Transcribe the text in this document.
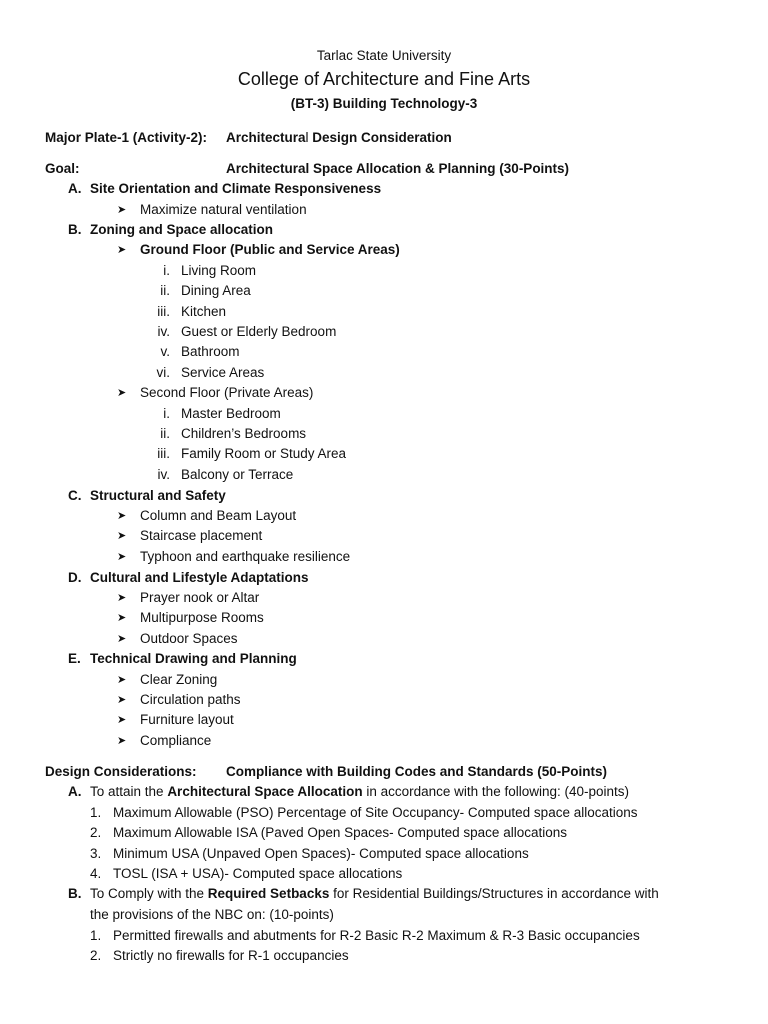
Tarlac State University
College of Architecture and Fine Arts
(BT-3) Building Technology-3
Major Plate-1 (Activity-2): Architectural Design Consideration
Goal:	Architectural Space Allocation & Planning (30-Points)
A. Site Orientation and Climate Responsiveness
➤ Maximize natural ventilation
B. Zoning and Space allocation
➤ Ground Floor (Public and Service Areas)
i. Living Room
ii. Dining Area
iii. Kitchen
iv. Guest or Elderly Bedroom
v. Bathroom
vi. Service Areas
➤ Second Floor (Private Areas)
i. Master Bedroom
ii. Children’s Bedrooms
iii. Family Room or Study Area
iv. Balcony or Terrace
C. Structural and Safety
➤ Column and Beam Layout
➤ Staircase placement
➤ Typhoon and earthquake resilience
D. Cultural and Lifestyle Adaptations
➤ Prayer nook or Altar
➤ Multipurpose Rooms
➤ Outdoor Spaces
E. Technical Drawing and Planning
➤ Clear Zoning
➤ Circulation paths
➤ Furniture layout
➤ Compliance
Design Considerations: Compliance with Building Codes and Standards (50-Points)
A. To attain the Architectural Space Allocation in accordance with the following: (40-points)
1. Maximum Allowable (PSO) Percentage of Site Occupancy- Computed space allocations
2. Maximum Allowable ISA (Paved Open Spaces- Computed space allocations
3. Minimum USA (Unpaved Open Spaces)- Computed space allocations
4. TOSL (ISA + USA)- Computed space allocations
B. To Comply with the Required Setbacks for Residential Buildings/Structures in accordance with
the provisions of the NBC on: (10-points)
1. Permitted firewalls and abutments for R-2 Basic R-2 Maximum & R-3 Basic occupancies
2. Strictly no firewalls for R-1 occupancies
